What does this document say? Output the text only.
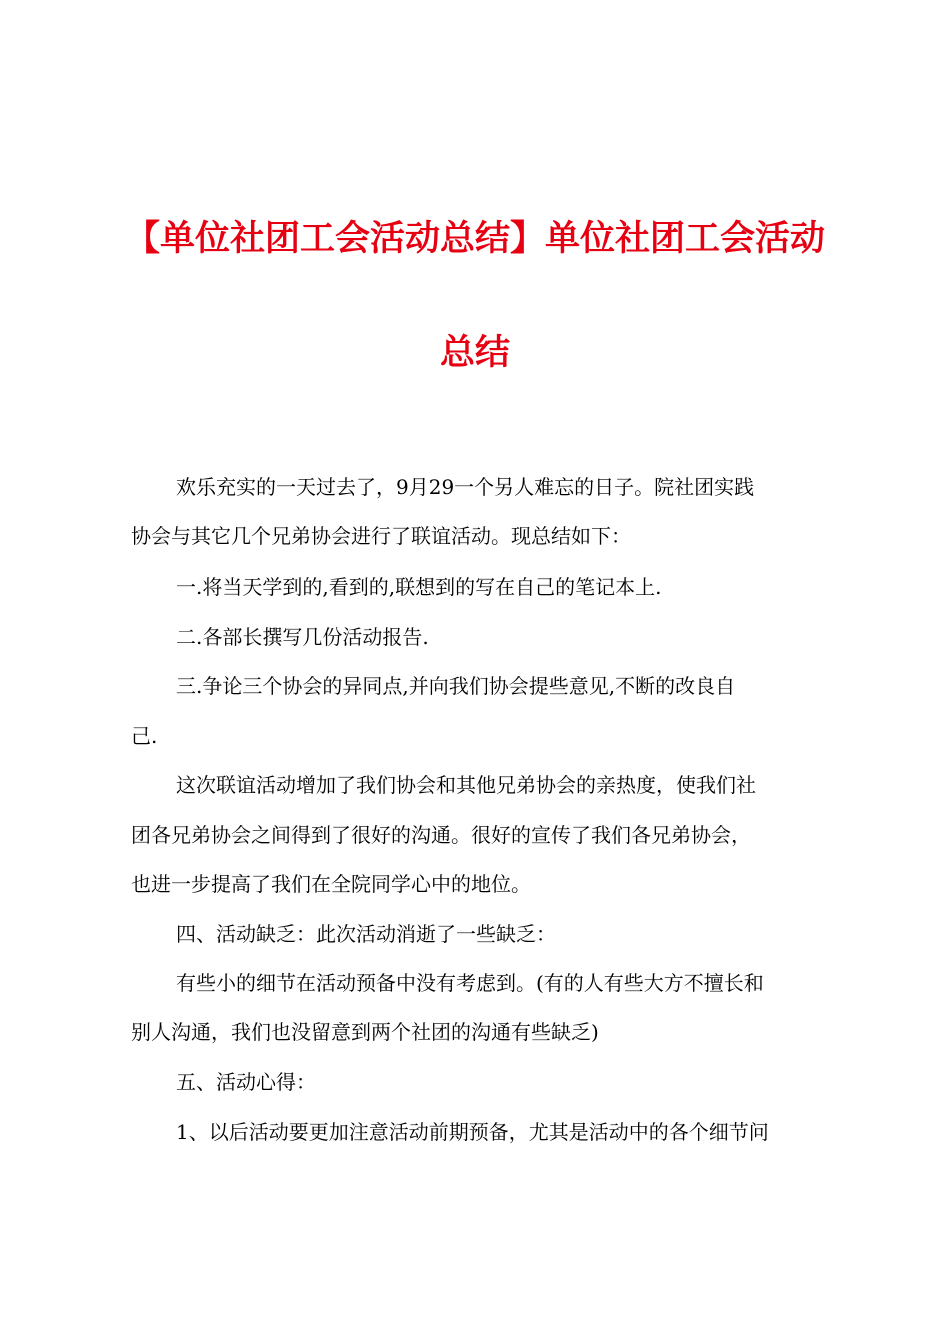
【单位社团工会活动总结】单位社团工会活动
总结
欢乐充实的一天过去了，9月29一个另人难忘的日子。院社团实践
协会与其它几个兄弟协会进行了联谊活动。现总结如下：
一.将当天学到的,看到的,联想到的写在自己的笔记本上.
二.各部长撰写几份活动报告.
三.争论三个协会的异同点,并向我们协会提些意见,不断的改良自
己.
这次联谊活动增加了我们协会和其他兄弟协会的亲热度，使我们社
团各兄弟协会之间得到了很好的沟通。很好的宣传了我们各兄弟协会，
也进一步提高了我们在全院同学心中的地位。
四、活动缺乏：此次活动消逝了一些缺乏：
有些小的细节在活动预备中没有考虑到。(有的人有些大方不擅长和
别人沟通，我们也没留意到两个社团的沟通有些缺乏)
五、活动心得：
1、以后活动要更加注意活动前期预备，尤其是活动中的各个细节问
